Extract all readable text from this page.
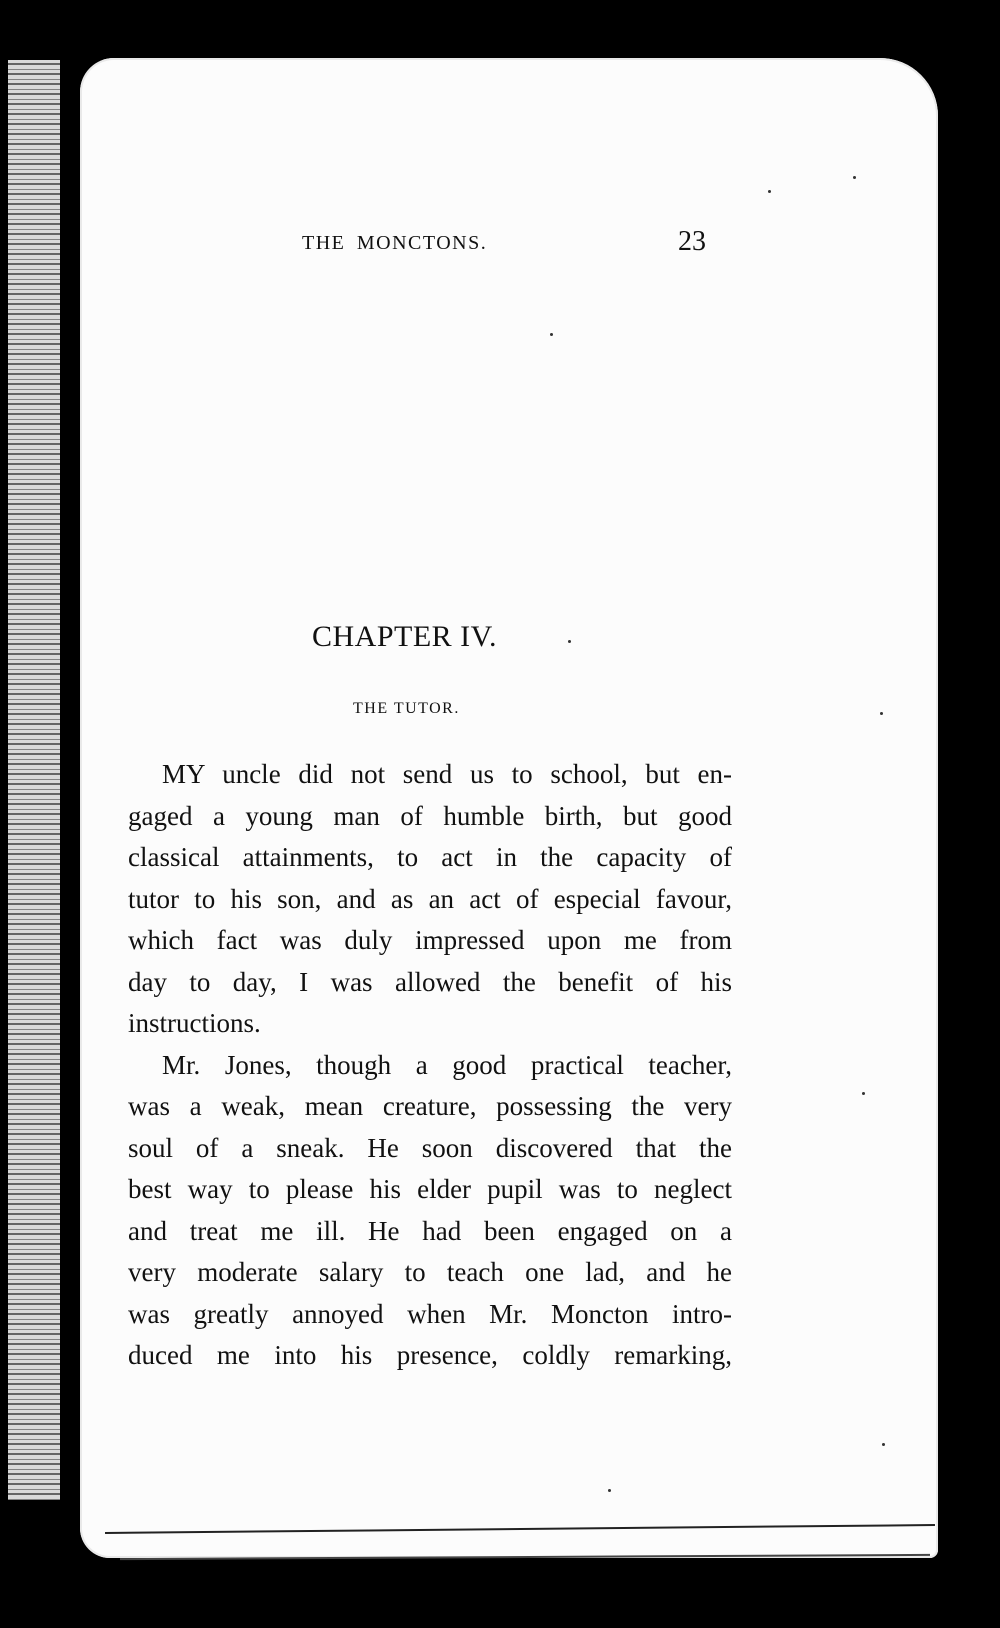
THE MONCTONS.	23
CHAPTER IV.
THE TUTOR.
MY uncle did not send us to school, but en-
gaged a young man of humble birth, but good
classical attainments, to act in the capacity of
tutor to his son, and as an act of especial favour,
which fact was duly impressed upon me from
day to day, I was allowed the benefit of his
instructions.
Mr. Jones, though a good practical teacher,
was a weak, mean creature, possessing the very
soul of a sneak. He soon discovered that the
best way to please his elder pupil was to neglect
and treat me ill. He had been engaged on a
very moderate salary to teach one lad, and he
was greatly annoyed when Mr. Moncton intro-
duced me into his presence, coldly remarking,
